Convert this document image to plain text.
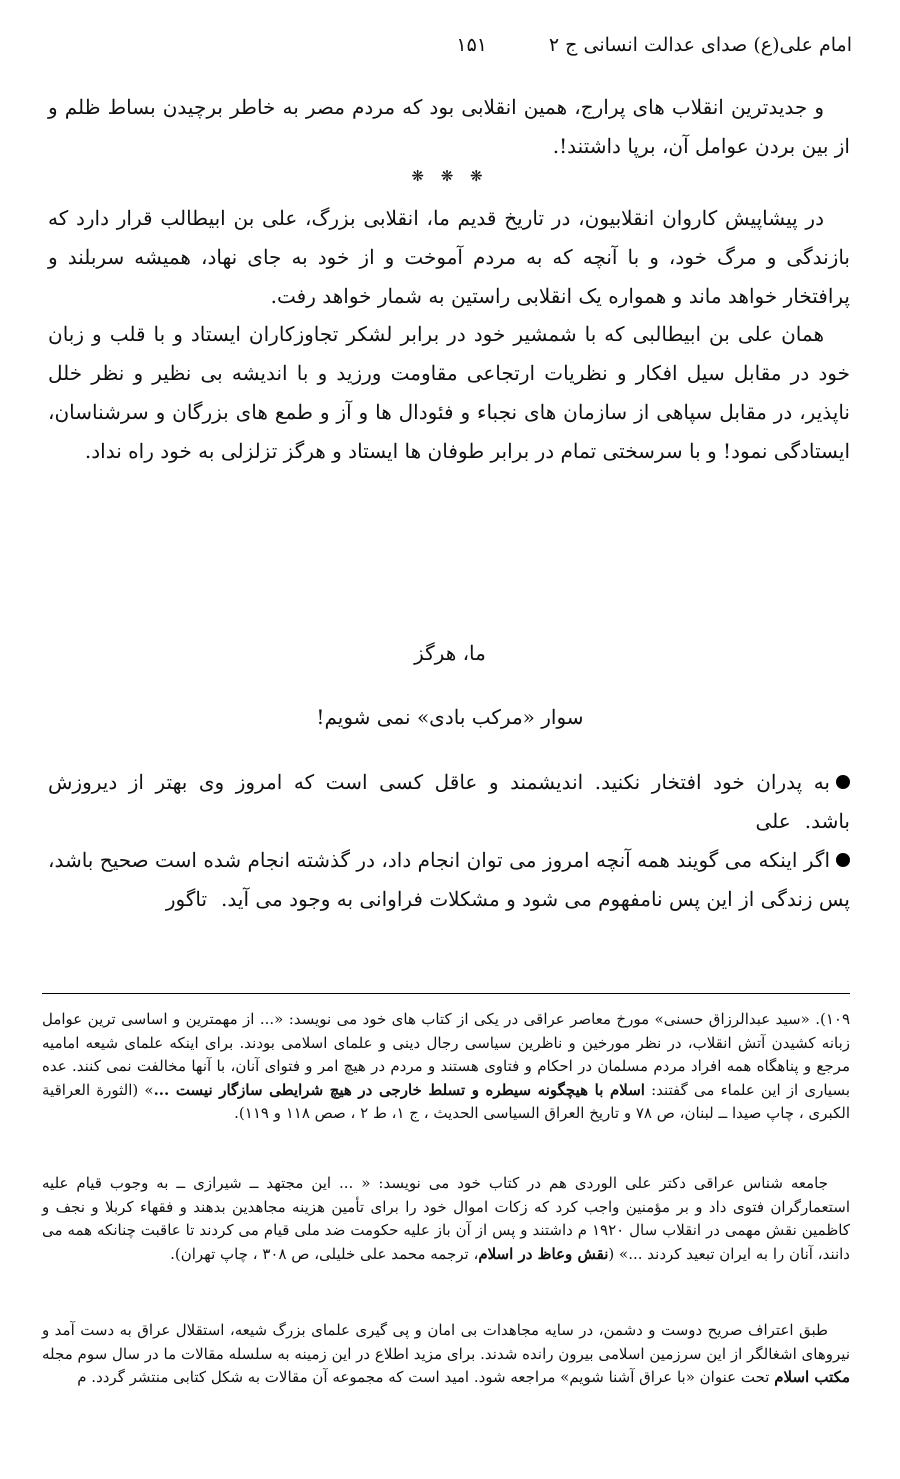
امام علی(ع) صدای عدالت انسانی ج ۲
۱۵۱

و جدیدترین انقلاب های پرارج، همین انقلابی بود که مردم مصر به خاطر برچیدن بساط ظلم و از بین بردن عوامل آن، برپا داشتند!.

❋ ❋ ❋

در پیشاپیش کاروان انقلابیون، در تاریخ قدیم ما، انقلابی بزرگ، علی بن ابیطالب قرار دارد که بازندگی و مرگ خود، و با آنچه که به مردم آموخت و از خود به جای نهاد، همیشه سربلند و پرافتخار خواهد ماند و همواره یک انقلابی راستین به شمار خواهد رفت.

همان علی بن ابیطالبی که با شمشیر خود در برابر لشکر تجاوزکاران ایستاد و با قلب و زبان خود در مقابل سیل افکار و نظریات ارتجاعی مقاومت ورزید و با اندیشه بی نظیر و نظر خلل ناپذیر، در مقابل سپاهی از سازمان های نجباء و فئودال ها و آز و طمع های بزرگان و سرشناسان، ایستادگی نمود! و با سرسختی تمام در برابر طوفان ها ایستاد و هرگز تزلزلی به خود راه نداد.

ما، هرگز
سوار «مرکب بادی» نمی شویم!

به پدران خود افتخار نکنید. اندیشمند و عاقل کسی است که امروز وی بهتر از دیروزش باشد.علی

اگر اینکه می گویند همه آنچه امروز می توان انجام داد، در گذشته انجام شده است صحیح باشد، پس زندگی از این پس نامفهوم می شود و مشکلات فراوانی به وجود می آید.تاگور

۱۰۹). «سید عبدالرزاق حسنی» مورخ معاصر عراقی در یکی از کتاب های خود می نویسد: «... از مهمترین و اساسی ترین عوامل زبانه کشیدن آتش انقلاب، در نظر مورخین و ناظرین سیاسی رجال دینی و علمای اسلامی بودند. برای اینکه علمای شیعه امامیه مرجع و پناهگاه همه افراد مردم مسلمان در احکام و فتاوی هستند و مردم در هیچ امر و فتوای آنان، با آنها مخالفت نمی کنند. عده بسیاری از این علماء می گفتند: اسلام با هیچگونه سیطره و تسلط خارجی در هیچ شرایطی سازگار نیست ...» (الثورة العراقیة الکبری ، چاپ صیدا ــ لبنان، ص ۷۸ و تاریخ العراق السیاسی الحدیث ، ج ۱، ط ۲ ، صص ۱۱۸ و ۱۱۹).

جامعه شناس عراقی دکتر علی الوردی هم در کتاب خود می نویسد: « ... این مجتهد ــ شیرازی ــ به وجوب قیام علیه استعمارگران فتوی داد و بر مؤمنین واجب کرد که زکات اموال خود را برای تأمین هزینه مجاهدین بدهند و فقهاء کربلا و نجف و کاظمین نقش مهمی در انقلاب سال ۱۹۲۰ م داشتند و پس از آن باز علیه حکومت ضد ملی قیام می کردند تا عاقبت چنانکه همه می دانند، آنان را به ایران تبعید کردند ...» (نقش وعاظ در اسلام، ترجمه محمد علی خلیلی، ص ۳۰۸ ، چاپ تهران).

طبق اعتراف صریح دوست و دشمن، در سایه مجاهدات بی امان و پی گیری علمای بزرگ شیعه، استقلال عراق به دست آمد و نیروهای اشغالگر از این سرزمین اسلامی بیرون رانده شدند. برای مزید اطلاع در این زمینه به سلسله مقالات ما در سال سوم مجله مکتب اسلام تحت عنوان «با عراق آشنا شویم» مراجعه شود. امید است که مجموعه آن مقالات به شکل کتابی منتشر گردد. م
